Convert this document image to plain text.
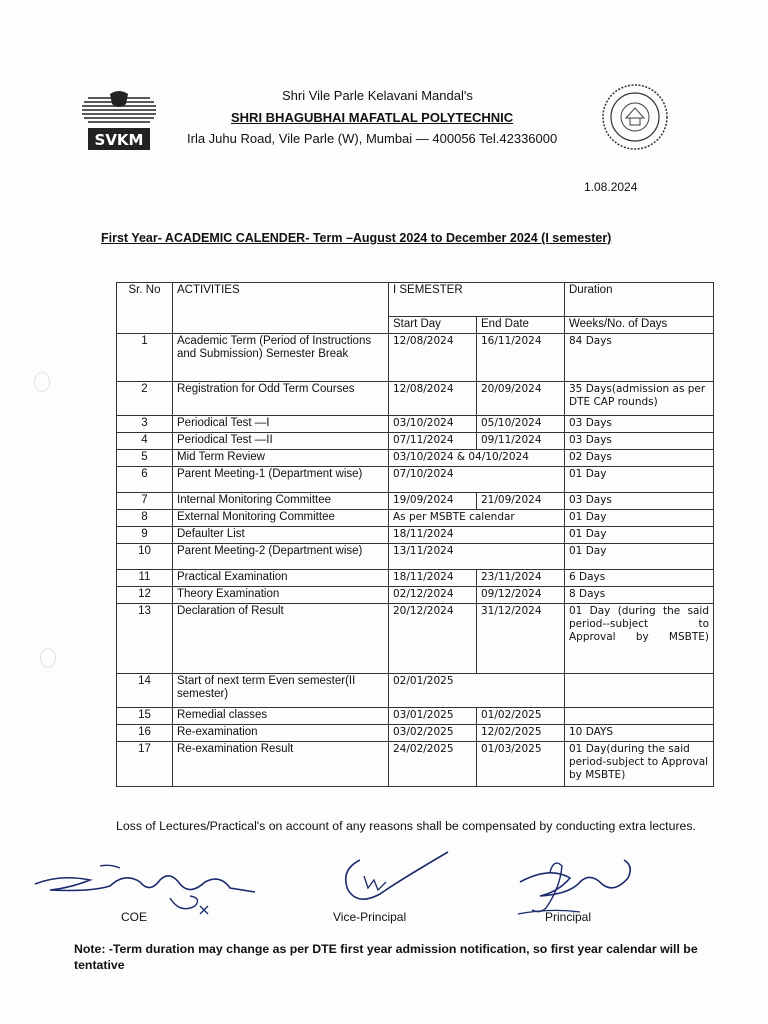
SVKM
Shri Vile Parle Kelavani Mandal's
SHRI BHAGUBHAI MAFATLAL POLYTECHNIC
Irla Juhu Road, Vile Parle (W), Mumbai — 400056 Tel.42336000
1.08.2024
First Year- ACADEMIC CALENDER- Term –August 2024 to December 2024 (I semester)
Sr. No	ACTIVITIES	I SEMESTER		Duration
		Start Day	End Date	Weeks/No. of Days
1	Academic Term (Period of Instructions and Submission) Semester Break	12/08/2024	16/11/2024	84 Days
2	Registration for Odd Term Courses	12/08/2024	20/09/2024	35 Days(admission as per DTE CAP rounds)
3	Periodical Test —I	03/10/2024	05/10/2024	03 Days
4	Periodical Test —II	07/11/2024	09/11/2024	03 Days
5	Mid Term Review	03/10/2024 & 04/10/2024		02 Days
6	Parent Meeting-1 (Department wise)	07/10/2024		01 Day
7	Internal Monitoring Committee	19/09/2024	21/09/2024	03 Days
8	External Monitoring Committee	As per MSBTE calendar		01 Day
9	Defaulter List	18/11/2024		01 Day
10	Parent Meeting-2 (Department wise)	13/11/2024		01 Day
11	Practical Examination	18/11/2024	23/11/2024	6 Days
12	Theory Examination	02/12/2024	09/12/2024	8 Days
13	Declaration of Result	20/12/2024	31/12/2024	01 Day (during the said period--subject to Approval by MSBTE)
14	Start of next term Even semester(II semester)	02/01/2025		
15	Remedial classes	03/01/2025	01/02/2025	
16	Re-examination	03/02/2025	12/02/2025	10 DAYS
17	Re-examination Result	24/02/2025	01/03/2025	01 Day(during the said period-subject to Approval by MSBTE)
Loss of Lectures/Practical's on account of any reasons shall be compensated by conducting extra lectures.
COE	Vice-Principal	Principal
Note: -Term duration may change as per DTE first year admission notification, so first year calendar will be tentative
